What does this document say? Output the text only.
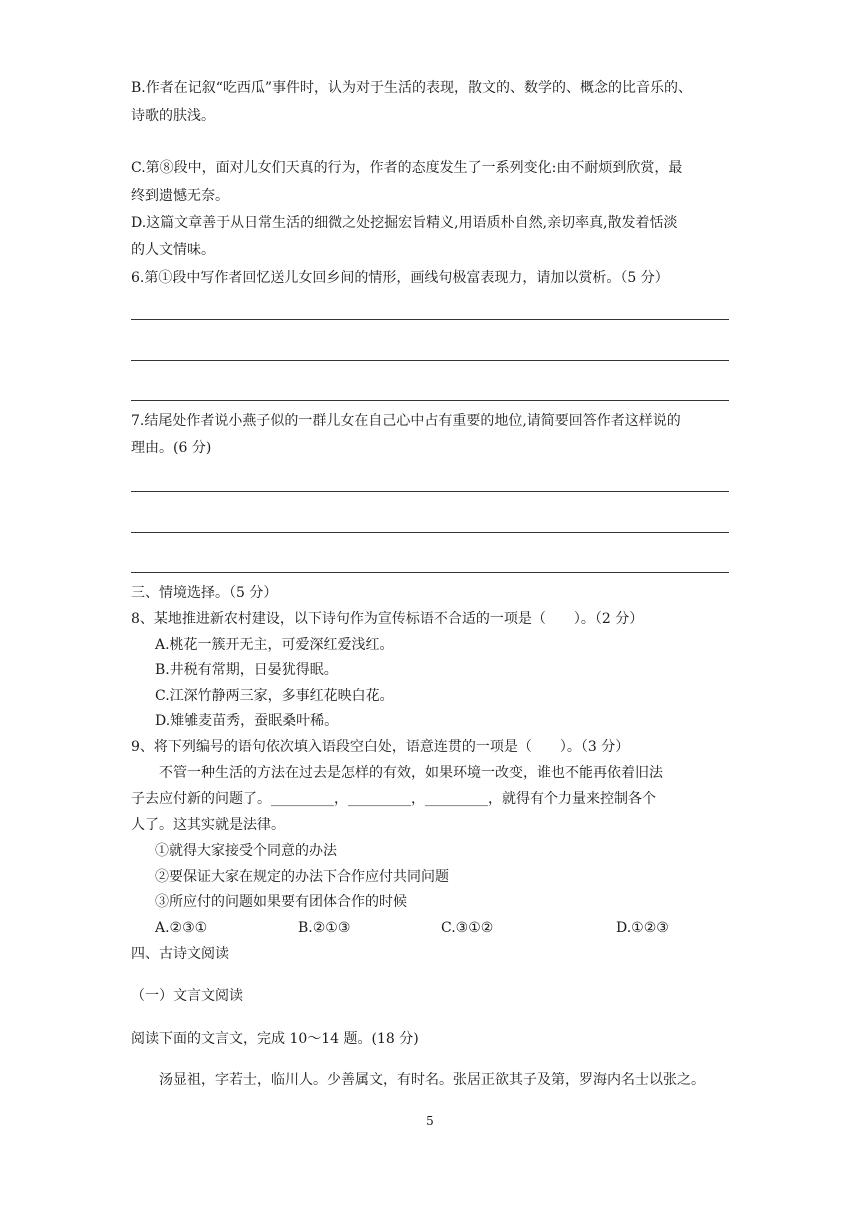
B.作者在记叙“吃西瓜”事件时，认为对于生活的表现，散文的、数学的、概念的比音乐的、
诗歌的肤浅。
C.第⑧段中，面对儿女们天真的行为，作者的态度发生了一系列变化:由不耐烦到欣赏，最
终到遗憾无奈。
D.这篇文章善于从日常生活的细微之处挖掘宏旨精义,用语质朴自然,亲切率真,散发着恬淡
的人文情味。
6.第①段中写作者回忆送儿女回乡间的情形，画线句极富表现力，请加以赏析。（5 分）
7.结尾处作者说小燕子似的一群儿女在自己心中占有重要的地位,请简要回答作者这样说的
理由。(6 分)
三、情境选择。（5 分）
8、某地推进新农村建设，以下诗句作为宣传标语不合适的一项是（　　）。（2 分）
A.桃花一簇开无主，可爱深红爱浅红。
B.井税有常期，日晏犹得眠。
C.江深竹静两三家，多事红花映白花。
D.雉雊麦苗秀，蚕眠桑叶稀。
9、将下列编号的语句依次填入语段空白处，语意连贯的一项是（　　）。（3 分）
不管一种生活的方法在过去是怎样的有效，如果环境一改变，谁也不能再依着旧法
子去应付新的问题了。_________，_________，_________，就得有个力量来控制各个
人了。这其实就是法律。
①就得大家接受个同意的办法
②要保证大家在规定的办法下合作应付共同问题
③所应付的问题如果要有团体合作的时候
A.②③①	B.②①③	C.③①②	D.①②③
四、古诗文阅读
（一）文言文阅读
阅读下面的文言文，完成 10～14 题。(18 分)
汤显祖，字若士，临川人。少善属文，有时名。张居正欲其子及第，罗海内名士以张之。
5
